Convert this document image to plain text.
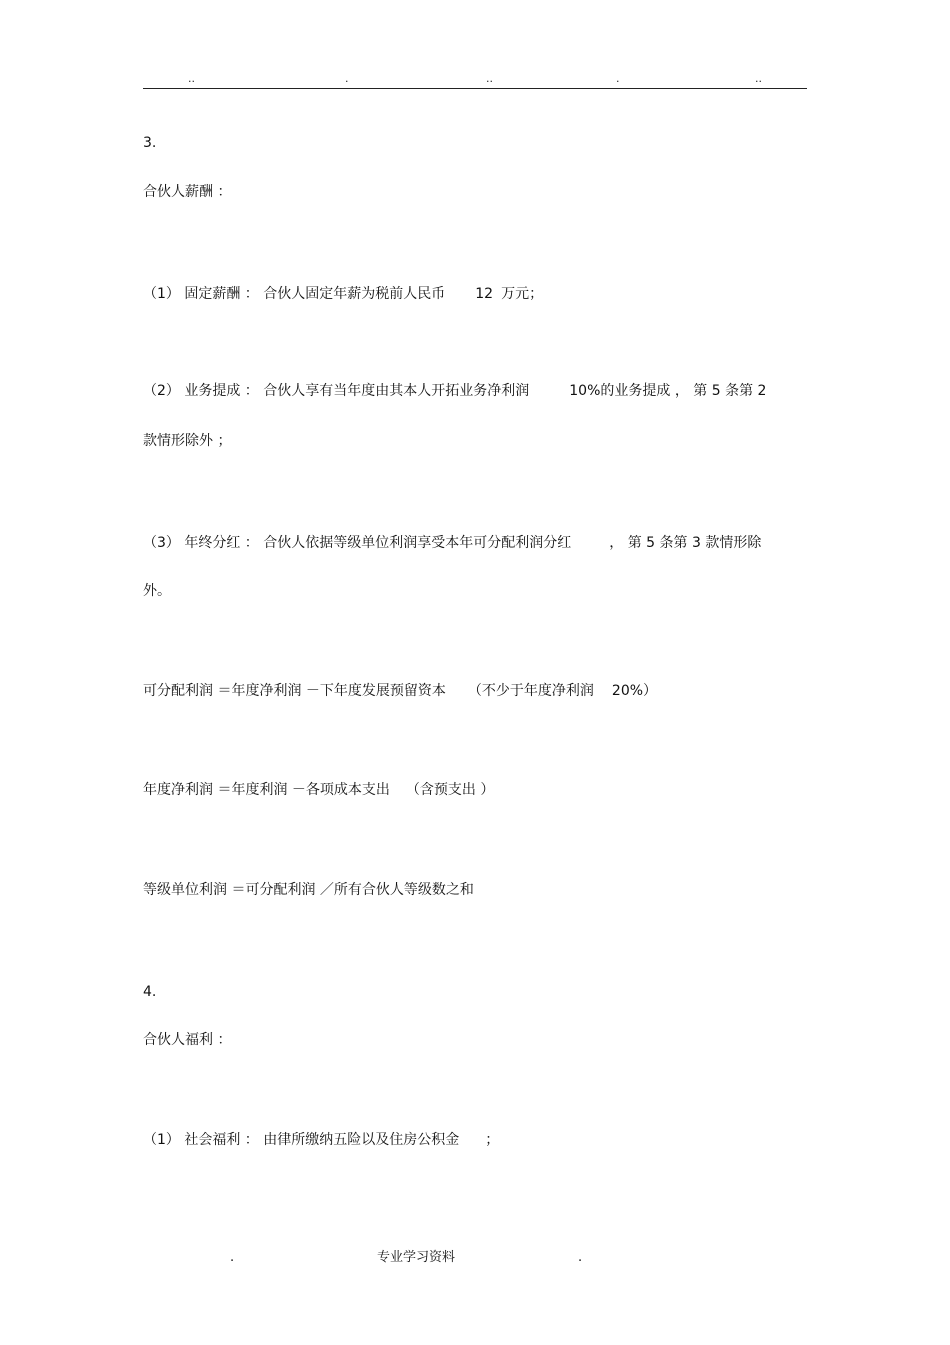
..	.	..	.	..

3.

合伙人薪酬 ：

（1） 固定薪酬 ： 合伙人固定年薪为税前人民币 12 万元；

（2） 业务提成 ： 合伙人享有当年度由其本人开拓业务净利润	10%的业务提成 ， 第 5 条第 2

款情形除外 ；

（3） 年终分红 ： 合伙人依据等级单位利润享受本年可分配利润分红	， 第 5 条第 3 款情形除

外。

可分配利润 ＝年度净利润 －下年度发展预留资本 （不少于年度净利润 20%）

年度净利润 ＝年度利润 －各项成本支出 （含预支出 ）

等级单位利润 ＝可分配利润 ／所有合伙人等级数之和

4.

合伙人福利 ：

（1） 社会福利 ： 由律所缴纳五险以及住房公积金 ；

.	专业学习资料	.
